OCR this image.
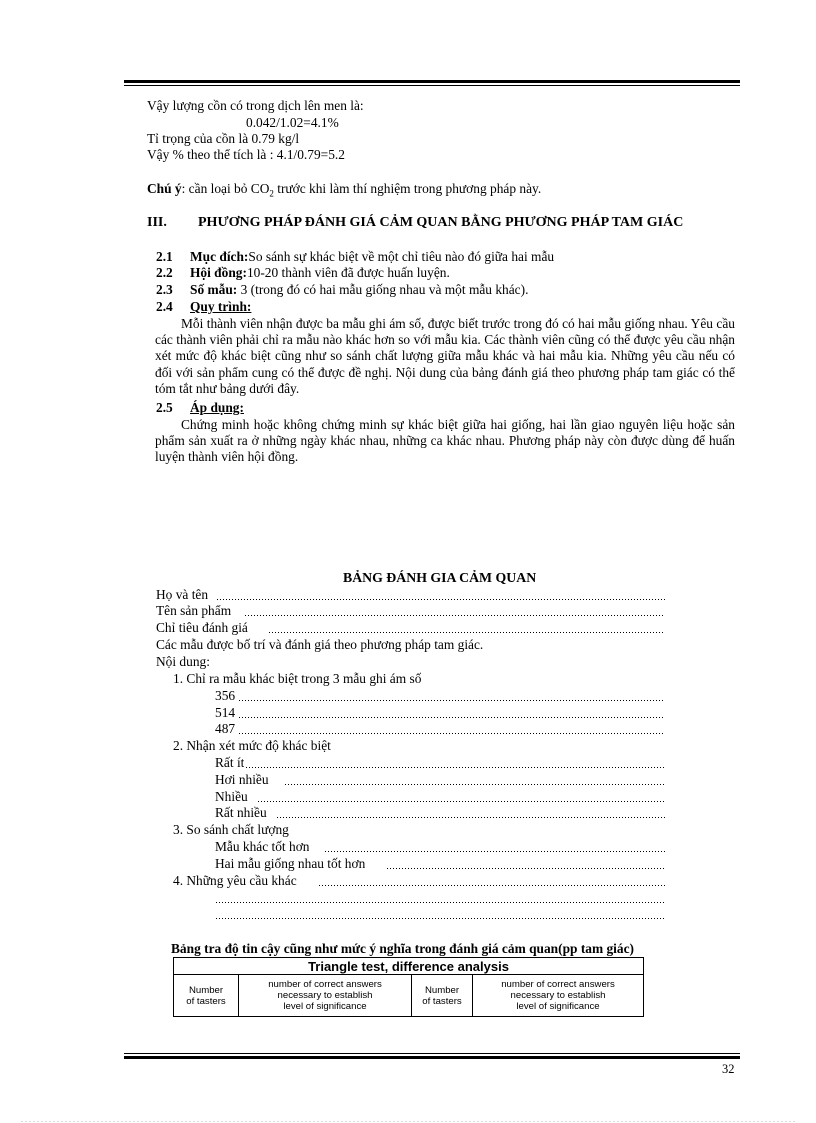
Vậy lượng cồn có trong dịch lên men là:
0.042/1.02=4.1%
Tỉ trọng của cồn là 0.79 kg/l
Vậy % theo thể tích là : 4.1/0.79=5.2
Chú ý: cần loại bỏ $CO_2$ trước khi làm thí nghiệm trong phương pháp này.
III. PHƯƠNG PHÁP ĐÁNH GIÁ CẢM QUAN BẰNG PHƯƠNG PHÁP TAM GIÁC
2.1 Mục đích:So sánh sự khác biệt về một chỉ tiêu nào đó giữa hai mẫu
2.2 Hội đồng:10-20 thành viên đã được huấn luyện.
2.3 Số mẫu: 3 (trong đó có hai mẫu giống nhau và một mẫu khác).
2.4 Quy trình:
Mỗi thành viên nhận được ba mẫu ghi ám số, được biết trước trong đó có hai mẫu giống nhau. Yêu cầu các thành viên phải chỉ ra mẫu nào khác hơn so với mẫu kia. Các thành viên cũng có thể được yêu cầu nhận xét mức độ khác biệt cũng như so sánh chất lượng giữa mẫu khác và hai mẫu kia. Những yêu cầu nếu có đối với sản phẩm cung có thể được đề nghị. Nội dung của bảng đánh giá theo phương pháp tam giác có thể tóm tắt như bảng dưới đây.
2.5 Áp dụng:
Chứng minh hoặc không chứng minh sự khác biệt giữa hai giống, hai lần giao nguyên liệu hoặc sản phẩm sản xuất ra ở những ngày khác nhau, những ca khác nhau. Phương pháp này còn được dùng để huấn luyện thành viên hội đồng.
BẢNG ĐÁNH GIA CẢM QUAN
Họ và tên
Tên sản phẩm
Chỉ tiêu đánh giá
Các mẫu được bố trí và đánh giá theo phương pháp tam giác.
Nội dung:
1. Chỉ ra mẫu khác biệt trong 3 mẫu ghi ám số
356
514
487
2. Nhận xét mức độ khác biệt
Rất ít
Hơi nhiều
Nhiều
Rất nhiều
3. So sánh chất lượng
Mẫu khác tốt hơn
Hai mẫu giống nhau tốt hơn
4. Những yêu cầu khác
Bảng tra độ tin cậy cũng như mức ý nghĩa trong đánh giá cảm quan(pp tam giác)
Triangle test, difference analysis
Number
of tasters	number of correct answers
necessary to establish
level of significance	Number
of tasters	number of correct answers
necessary to establish
level of significance
32
